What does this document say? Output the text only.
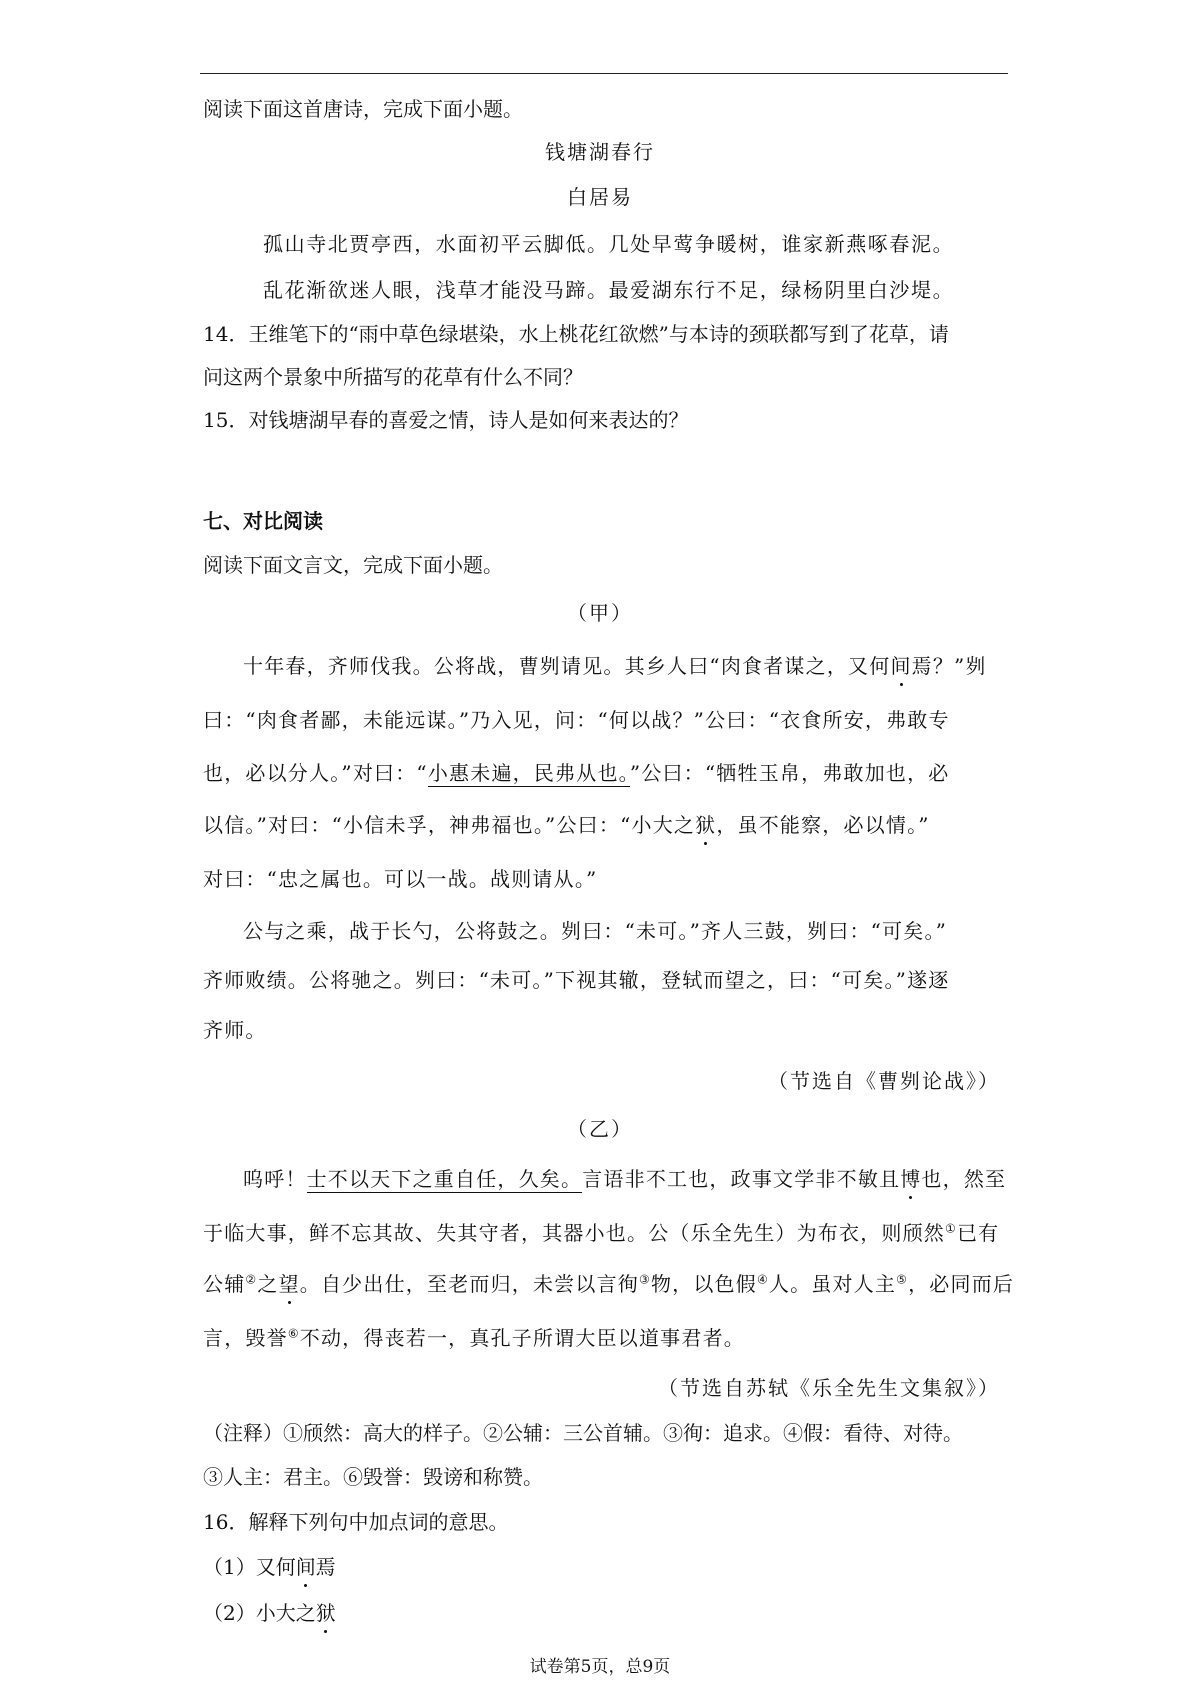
阅读下面这首唐诗，完成下面小题。
钱塘湖春行
白居易
孤山寺北贾亭西，水面初平云脚低。几处早莺争暖树，谁家新燕啄春泥。
乱花渐欲迷人眼，浅草才能没马蹄。最爱湖东行不足，绿杨阴里白沙堤。
14．王维笔下的“雨中草色绿堪染，水上桃花红欲燃”与本诗的颈联都写到了花草，请
问这两个景象中所描写的花草有什么不同？
15．对钱塘湖早春的喜爱之情，诗人是如何来表达的？
七、对比阅读
阅读下面文言文，完成下面小题。
（甲）
十年春，齐师伐我。公将战，曹刿请见。其乡人曰“肉食者谋之，又何间焉？”刿
曰：“肉食者鄙，未能远谋。”乃入见，问：“何以战？”公曰：“衣食所安，弗敢专
也，必以分人。”对曰：“小惠未遍，民弗从也。”公曰：“牺牲玉帛，弗敢加也，必
以信。”对曰：“小信未孚，神弗福也。”公曰：“小大之狱，虽不能察，必以情。”
对曰：“忠之属也。可以一战。战则请从。”
公与之乘，战于长勺，公将鼓之。刿曰：“未可。”齐人三鼓，刿曰：“可矣。”
齐师败绩。公将驰之。刿曰：“未可。”下视其辙，登轼而望之，曰：“可矣。”遂逐
齐师。
（节选自《曹刿论战》）
（乙）
呜呼！士不以天下之重自任，久矣。言语非不工也，政事文学非不敏且博也，然至
于临大事，鲜不忘其故、失其守者，其器小也。公（乐全先生）为布衣，则颀然①已有
公辅②之望。自少出仕，至老而归，未尝以言徇③物，以色假④人。虽对人主⑤，必同而后
言，毁誉⑥不动，得丧若一，真孔子所谓大臣以道事君者。
（节选自苏轼《乐全先生文集叙》）
（注释）①颀然：高大的样子。②公辅：三公首辅。③徇：追求。④假：看待、对待。
③人主：君主。⑥毁誉：毁谤和称赞。
16．解释下列句中加点词的意思。
（1）又何间焉
（2）小大之狱
试卷第5页，总9页
